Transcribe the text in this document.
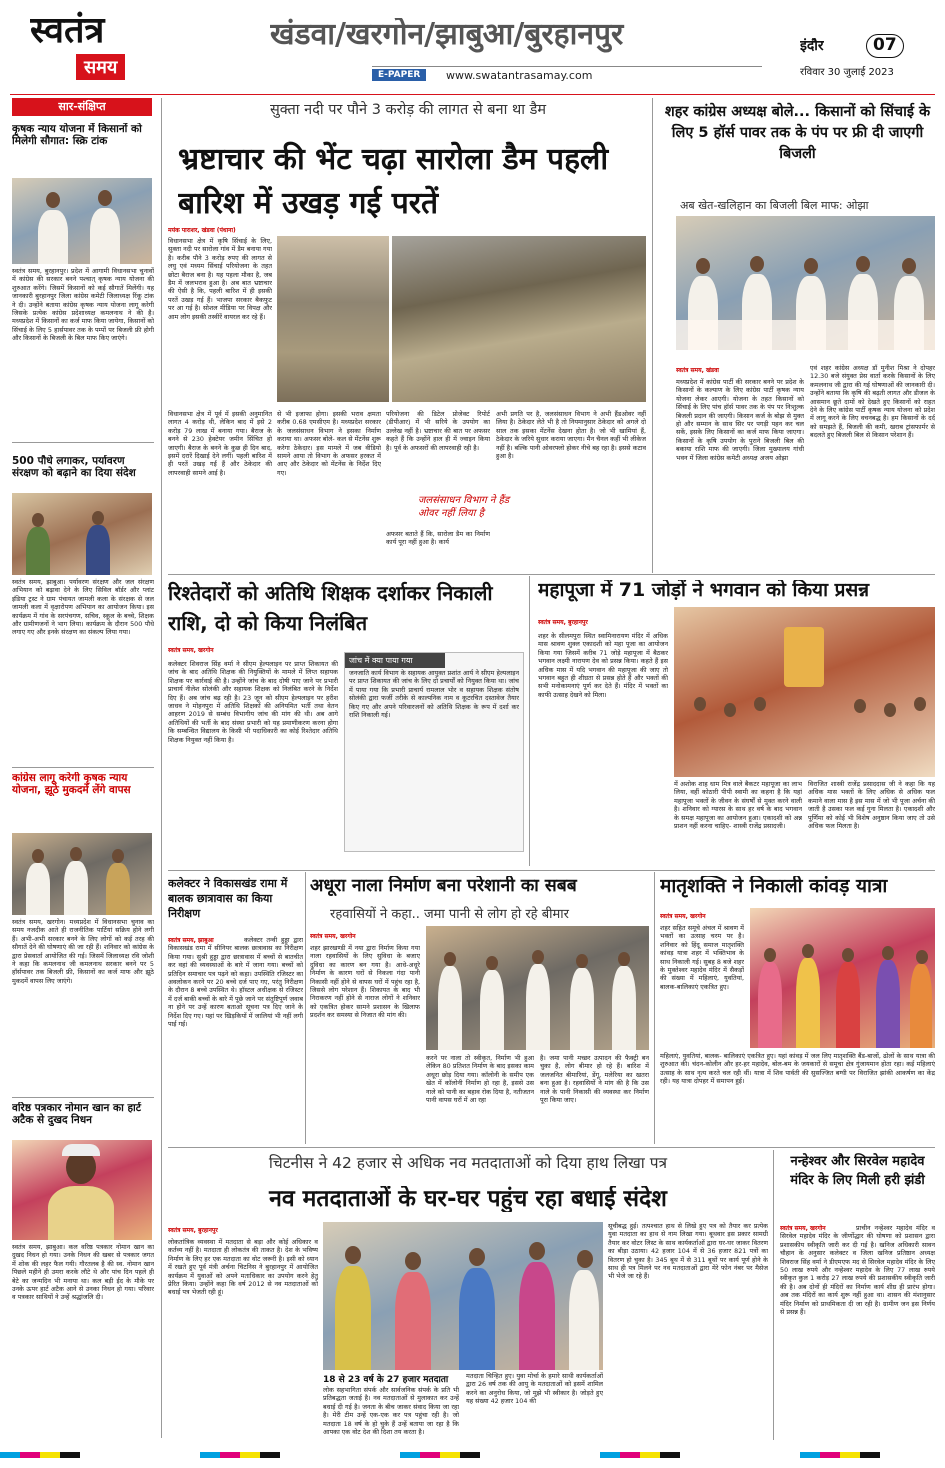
स्वतंत्र
समय
खंडवा/खरगोन/झाबुआ/बुरहानपुर
E-PAPER	www.swatantrasamay.com
इंदौर	07
रविवार 30 जुलाई 2023
सार-संक्षिप्त
कृषक न्याय योजना में किसानों को मिलेगी सौगात: स्क्रि टांक
स्वतंत्र समय, बुरहानपुर। प्रदेश में आगामी विधानसभा चुनावों में कांग्रेस की सरकार बनने पश्चात् कृषक न्याय योजना की शुरुआत करेंगे। जिसमें किसानों को कई सौगातें मिलेंगी। यह जानकारी बुरहानपुर जिला कांग्रेस कमेटी जिलाध्यक्ष रिंकू टांक ने दी। उन्होंने बताया कांग्रेस कृषक न्याय योजना लागू करेगी जिसके प्रत्येक कांग्रेस प्रदेशाध्यक्ष कमलनाथ ने की है। मध्यप्रदेश में किसानों का कर्ज माफ किया जायेगा, किसानों को सिंचाई के लिए 5 हार्सपावर तक के पम्पों पर बिजली फ्री होगी और किसानों के बिजली के बिल माफ किए जाएंगे।
500 पौधे लगाकर, पर्यावरण संरक्षण को बढ़ाने का दिया संदेश
स्वतंत्र समय, झाबुआ। पर्यावरण संरक्षण और जल संरक्षण अभियान को बढ़ावा देने के लिए सिविल बॉर्डर और प्लांट इंडिया ट्रस्ट ने ग्राम पंचायत जामली कला के संरक्षक से जल जामली कला में वृक्षारोपण अभियान का आयोजन किया। इस कार्यक्रम में गांव के सरपंचगण, सचिव, स्कूल के बच्चे, शिक्षक और ग्रामीणजनों ने भाग लिया। कार्यक्रम के दौरान 500 पौधे लगाए गए और इनके संरक्षण का संकल्प लिया गया।
कांग्रेस लागू करेगी कृषक न्याय योजना, झूठे मुकदमें लेंगे वापस
स्वतंत्र समय, खरगोन। मध्यप्रदेश में विधानसभा चुनाव का समय नजदीक आते ही राजनीतिक पार्टियां सक्रिय होने लगी हैं। अभी-अभी सरकार बनने के लिए लोगों को कई तरह की सौगातें देने की घोषणाएं की जा रही हैं। शनिवार को कांग्रेस के द्वारा प्रेसवार्ता आयोजित की गई। जिसमें जिलाध्यक्ष रवि जोशी ने कहा कि कमलनाथ जी कमलनाथ सरकार बनने पर 5 हॉर्सपावर तक बिजली फ्री, किसानों का कर्ज माफ और झूठे मुकदमें वापस लिए जाएंगे।
वरिष्ठ पत्रकार नोमान खान का हार्ट अटैक से दुखद निधन
स्वतंत्र समय, झाबुआ। कल वरिष्ठ पत्रकार नोमान खान का दुखद निधन हो गया। उनके निधन की खबर से पत्रकार जगत में शोक की लहर फैल गयी। गौरतलब है की स्व. नोमान खान पिछले महीने ही उमरा करके लौटे थे और पांच दिन पहले ही बेटे का जन्मदिन भी मनाया था। कल बड़ी ईद के मौके पर उनके ऊपर हार्ट अटैक आने से उनका निधन हो गया। परिवार व पत्रकार साथियों ने उन्हें श्रद्धांजलि दी।
सुक्ता नदी पर पौने 3 करोड़ की लागत से बना था डैम
भ्रष्टाचार की भेंट चढ़ा सारोला डैम पहली बारिश में उखड़ गई परतें
मयंक पाराशर, खंडवा (पंधाना)
विधानसभा क्षेत्र में कृषि सिंचाई के लिए, सुक्ता नदी पर सारोला गांव में डैम बनाया गया है। करीब पौने 3 करोड़ रुपए की लागत से लघु एवं मध्यम सिंचाई परियोजना के तहत छोटा बैराज बना है। यह पहला मौका है, जब डैम में जलभराव हुआ है। अब बात भ्रष्टाचार की ऐसी है कि, पहली बारिश में ही इसकी परतें उखड़ गई हैं। भाजपा सरकार बैकफुट पर आ गई है। सोशल मीडिया पर विपक्ष और आम लोग इसकी तस्वीरें वायरल कर रहे हैं।
विधानसभा क्षेत्र में पूर्व में इसकी अनुमानित लागत 4 करोड़ थी, लेकिन बाद में इसे 2 करोड़ 79 लाख में बनाया गया। बैराज के बनने से 230 हेक्टेयर जमीन सिंचित हो जाएगी। बैराज के बनने के कुछ ही दिन बाद, इसमें दरारें दिखाई देने लगीं। पहली बारिश में ही परतें उखड़ गईं हैं और ठेकेदार की लापरवाही सामने आई है।
से भी इजाफा होगा। इसकी भराव क्षमता करीब 0.68 एमसीएम है। मध्यप्रदेश सरकार के जलसंसाधन विभाग ने इसका निर्माण कराया था। अफसर बोले- कल से मेंटनेंस शुरू करेगा ठेकेदार। इस मामले में जब वीडियो सामने आया तो विभाग के अफसर हरकत में आए और ठेकेदार को मेंटनेंस के निर्देश दिए गए।
परियोजना की डिटेल प्रोजेक्ट रिपोर्ट (डीपीआर) में भी सरिये के उपयोग का उल्लेख नहीं है। भ्रष्टाचार की बात पर अफसर कहते हैं कि उन्होंने हाल ही में ज्वाइन किया है। पूर्व के अफसरों की लापरवाही रही है।
जलसंसाधन विभाग ने हैंड ओवर नहीं लिया है
अफसर बताते हैं कि, सारोला डैम का निर्माण कार्य पूरा नहीं हुआ है। कार्य
अभी प्रगति पर है, जलसंसाधन विभाग ने अभी हैंडओवर नहीं लिया है। ठेकेदार लेते भी है तो नियमानुसार ठेकेदार को अगले दो साल तक इसका मेंटनेंस देखना होता है। जो भी खामियां हैं, ठेकेदार के जरिये सुधार कराया जाएगा। मैन चैनल कहीं भी लीकेज नहीं है। बल्कि पानी ओवरफ्लो होकर नीचे बह रहा है। इससे कटाव हुआ है।
शहर कांग्रेस अध्यक्ष बोले... किसानों को सिंचाई के लिए 5 हॉर्स पावर तक के पंप पर फ्री दी जाएगी बिजली
अब खेत-खलिहान का बिजली बिल माफ: ओझा
स्वतंत्र समय, खंडवा
मध्यप्रदेश में कांग्रेस पार्टी की सरकार बनने पर प्रदेश के किसानों के कल्याण के लिए कांग्रेस पार्टी कृषक न्याय योजना लेकर आएगी। योजना के तहत किसानों को सिंचाई के लिए पांच हॉर्स पावर तक के पंप पर निःशुल्क बिजली प्रदान की जाएगी। किसान कर्ज के बोझ से मुक्त हो और सम्मान के साथ सिर पर पगड़ी पहन कर चल सकें, इसके लिए किसानों का कर्ज माफ किया जाएगा। किसानों के कृषि उपयोग के पुराने बिजली बिल की बकाया राशि माफ की जाएगी। जिला मुख्यालय गांधी भवन में जिला कांग्रेस कमेटी अध्यक्ष अजय ओझा
एवं शहर कांग्रेस अध्यक्ष डॉ मुनीश मिश्रा ने दोपहर 12.30 बजे संयुक्त प्रेस वार्ता करके किसानों के लिए कमलनाथ जी द्वारा की गई घोषणाओं की जानकारी दी। उन्होंने बताया कि कृषि की बढ़ती लागत और डीजल के आसमान छूते दामों को देखते हुए किसानों को राहत देने के लिए कांग्रेस पार्टी कृषक न्याय योजना को प्रदेश में लागू करने के लिए वचनबद्ध है। हम किसानों के दर्द को समझते हैं, बिजली की कमी, खराब ट्रांसफार्मर से बदलते हुए बिजली बिल से किसान परेशान हैं।
रिश्तेदारों को अतिथि शिक्षक दर्शाकर निकाली राशि, दो को किया निलंबित
स्वतंत्र समय, खरगोन
कलेक्टर शिवराज सिंह वर्मा ने सीएम हेल्पलाइन पर प्राप्त शिकायत की जांच के बाद अतिथि शिक्षक की नियुक्तियों के मामले में लिप्त सहायक शिक्षक पर कार्रवाई की है। उन्होंने जांच के बाद दोषी पाए जाने पर प्रभारी प्राचार्य नीलेश सोलंकी और सहायक शिक्षक को निलंबित करने के निर्देश दिए हैं। अब जांच बढ़ रही है। 23 जून को सीएम हेल्पलाइन पर हरीश जाधव ने मोहनपुरा में अतिथि शिक्षकों की अनियमित भर्ती तथा वेतन आहरण 2019 से सम्बंध विभागीय जांच की मांग की थी। अब आगे अतिथियों की भर्ती के बाद संस्था प्रभारी को यह प्रमाणीकरण करना होगा कि सम्बन्धित विद्यालय के किसी भी पदाधिकारी का कोई रिश्तेदार अतिथि शिक्षक नियुक्त नहीं किया है।
जांच में क्या पाया गया
जनजाति कार्य विभाग के सहायक आयुक्त प्रशांत आर्य ने सीएम हेल्पलाइन पर प्राप्त शिकायत की जांच के लिए दो प्रचार्यों को नियुक्त किया था। जांच में पाया गया कि प्रभारी प्राचार्य रामलाल भोर व सहायक शिक्षक संतोष सोलंकी द्वारा फर्जी तरीके से काल्पनिक नाम व कूटरचित दस्तावेज तैयार किए गए और अपने परिवारजनों को अतिथि शिक्षक के रूप में दर्शा कर राशि निकाली गई।
महापूजा में 71 जोड़ों ने भगवान को किया प्रसन्न
स्वतंत्र समय, बुरहानपुर
शहर के सीलमपुरा स्थित स्वामिनारायण मंदिर में अधिक मास श्रावण शुक्ल एकादशी को महा पूजा का आयोजन किया गया जिसमें करीब 71 जोड़े महापूजा में बैठकर भगवान लक्ष्मी नारायण देव को प्रसन्न किया। कहते हैं इस अधिक मास में यदि भगवान की महापूजा की जाए तो भगवान बहुत ही शीघ्रता से प्रसन्न होते हैं और भक्तों की सभी मनोकामनाएं पूर्ण कर देते हैं। मंदिर में भक्तों का काफी उत्साह देखने को मिला।
में अशोक शाह धाम मित्र वाले बैकटर महापूजा का लाभ लिया, वहीं कोठारी पीपी स्वामी का कहना है कि यहां महापूजा भक्तों के जीवन के संघर्षों से मुक्त करने वाली है। शनिवार को ग्यारस के साथ हर वर्ष के बाद भगवान के समक्ष महापूजा का आयोजन हुआ। एकादशी को अन्न प्राशन नहीं करना चाहिए- शास्त्री राजेंद्र प्रसादजी।
विराजित शास्त्री राजेंद्र प्रसाददास जी ने कहा कि यह अधिक मास भक्तों के लिए अधिक से अधिक फल कमाने वाला मास है इस मास में जो भी पूजा अर्चना की जाती है उसका फल कई गुना मिलता है। एकादशी और पूर्णिमा को कोई भी विशेष अनुष्ठान किया जाए तो उसे अधिक फल मिलता है।
कलेक्टर ने विकासखंड रामा में बालक छात्रावास का किया निरीक्षण
स्वतंत्र समय, झाबुआ	कलेक्टर तन्वी हुड्डा द्वारा विकासखंड रामा में सीनियर बालक छात्रावास का निरीक्षण किया गया। सुश्री हुड्डा द्वारा छात्रावास में बच्चों से बातचीत कर वहां की व्यवस्थाओं के बारे में जाना गया। बच्चों को प्रतिदिन समाचार पत्र पढ़ने को कहा। उपस्थिति रजिस्टर का अवलोकन करने पर 20 बच्चे दर्ज पाए गए, परंतु निरीक्षण के दौरान 8 बच्चे उपस्थित थे। हॉस्टल अधीक्षक से रजिस्टर में दर्ज बाकी बच्चों के बारे में पूछे जाने पर संतुष्टिपूर्ण जवाब ना होने पर उन्हें कारण बताओ सूचना पत्र दिए जाने के निर्देश दिए गए। यहां पर खिड़कियों में जालियां भी नहीं लगी पाई गई।
अधूरा नाला निर्माण बना परेशानी का सबब
रहवासियों ने कहा.. जमा पानी से लोग हो रहे बीमार
स्वतंत्र समय, खरगोन
शहर झारखण्डी में नया द्वारा निर्माण किया गया नाला रहवासियों के लिए सुविधा के बजाए दुविधा का कारण बन गया है। आधे-अधूरे निर्माण के कारण घरों से निकला गंदा पानी निकासी नहीं होने से वापस घरों में पहुंच रहा है, जिससे लोग परेशान हैं। शिकायत के बाद भी निराकरण नहीं होने से नाराज लोगों ने शनिवार को एकत्रित होकर सामने प्रशासन के खिलाफ प्रदर्शन कर समस्या से निजात की मांग की।
करने पर नाला तो स्वीकृत, निर्माण भी हुआ लेकिन 80 प्रतिशत निर्माण के बाद इसका काम अधूरा छोड़ दिया गया। कॉलोनी के समीप एक खेत में कॉलोनी निर्माण हो रहा है, इससे उस नाले को पानी का बहाव रोक दिया है, नतीजतन पानी वापस घरों में आ रहा
है। जमा पानी मच्छर उत्पादन की फैक्ट्री बन चुका है, लोग बीमार हो रहे हैं। बारिश में जलजनित बीमारियां, डेंगू, मलेरिया का खतरा बना हुआ है। रहवासियों ने मांग की है कि उस नाले के पानी निकासी की व्यवस्था कर निर्माण पूरा किया जाए।
मातृशक्ति ने निकाली कांवड़ यात्रा
स्वतंत्र समय, खरगोन
शहर सहित समूचे अंचल में श्रावण में भक्तों का उत्साह चरम पर है। शनिवार को हिंदू समाज मातृशक्ति कांवड़ यात्रा शहर में भक्तिभाव के साथ निकाली गई। सुबह 8 बजे शहर के मुक्तेश्वर महादेव मंदिर में सैकड़ों की संख्या में महिलाएं, युवतियां, बालक-बालिकाएं एकत्रित हुए।
महिलाएं, युवतियां, बालक- बालिकाएं एकत्रित हुए। यहां कांवड़ में जल लिए मातृशक्ति बैंड-बाजों, ढोलों के साथ यात्रा की शुरुआत की। चंदन-कोलीन और हर-हर महादेव, बोल-बम के जयकारों से समूचा क्षेत्र गुंजायमान होता रहा। कई महिलाएं उत्साह के साथ नृत्य करते चल रही थीं। यात्रा में शिव पार्वती की सुसज्जित बग्घी पर विराजित झांकी आकर्षण का केंद्र रही। यह यात्रा दोपहर में समापन हुई।
चिटनीस ने 42 हजार से अधिक नव मतदाताओं को दिया हाथ लिखा पत्र
नव मतदाताओं के घर-घर पहुंच रहा बधाई संदेश
स्वतंत्र समय, बुरहानपुर
लोकतांत्रिक व्यवस्था में मतदाता से बड़ा और कोई अधिकार व कर्तव्य नहीं है। मतदाता ही लोकतंत्र की ताकत है। देश के भविष्य निर्माण के लिए हर एक मतदाता का वोट जरूरी है। इसी को ध्यान में रखते हुए पूर्व मंत्री अर्चना चिटनिस ने बुरहानपुर में आयोजित कार्यक्रम में युवाओं को अपने मताधिकार का उपयोग करने हेतु प्रेरित किया। उन्होंने कहा कि वर्ष 2012 से नव मतदाताओं को बधाई पत्र भेजती रही हूं।
18 से 23 वर्ष के 27 हजार मतदाता
लोक सहभागिता संपर्क और सार्वजनिक संपर्क के प्रति भी प्रतिबद्धता जताई है। नव मतदाताओं से मुलाकात कर उन्हें बधाई दी गई है। जनता के बीच जाकर संवाद किया जा रहा है। मेरी टीम उन्हें एक-एक कर पत्र पहुंचा रही है। जो मतदाता 18 वर्ष के हो चुके हैं उन्हें बताया जा रहा है कि आपका एक वोट देश की दिशा तय करता है।
मतदाता चिन्हित हुए। युवा मोर्चा के हमारे साथी कार्यकर्ताओं द्वारा 26 वर्ष तक की आयु के मतदाताओं को इसमें शामिल करने का अनुरोध किया, जो मुझे भी स्वीकार है। जोड़ते हुए यह संख्या 42 हजार 104 की
सूचीबद्ध हुई। तत्पश्चात हाथ से लिखे हुए पत्र को तैयार कर प्रत्येक युवा मतदाता का हाथ से नाम लिखा गया। बूथवार इस प्रकार सामग्री तैयार कर वोटर लिस्ट के साथ कार्यकर्ताओं द्वारा घर-घर जाकर वितरण का बीड़ा उठाया। 42 हजार 104 में से 36 हजार 821 पत्रों का वितरण हो चुका है। 345 बूथ में से 311 बूथों पर कार्य पूर्ण होने के साथ ही पत्र मिलने पर नव मतदाताओं द्वारा मेरे फोन नंबर पर मैसेज भी भेजे जा रहे हैं।
नन्हेश्वर और सिरवेल महादेव मंदिर के लिए मिली हरी झंडी
स्वतंत्र समय, खरगोन	प्राचीन नन्हेश्वर महादेव मंदिर व सिरवेल महादेव मंदिर के जीर्णोद्धार की घोषणा को प्रशासन द्वारा प्रशासकीय स्वीकृति जारी कर दी गई है। खनिज अधिकारी सावन चौहान के अनुसार कलेक्टर व जिला खनिज प्रतिष्ठान अध्यक्ष शिवराज सिंह वर्मा ने डीएमएफ मद से सिरवेल महादेव मंदिर के लिए 50 लाख रुपये और नन्हेश्वर महादेव के लिए 77 लाख रुपये स्वीकृत कुल 1 करोड़ 27 लाख रुपये की प्रशासकीय स्वीकृति जारी की है। अब दोनों ही मंदिरों का निर्माण कार्य शीघ्र ही प्रारंभ होगा। अब तक मंदिरों का कार्य शुरू नहीं हुआ था। शासन की मंशानुसार मंदिर निर्माण को प्राथमिकता दी जा रही है। ग्रामीण जन इस निर्णय से प्रसन्न हैं।
